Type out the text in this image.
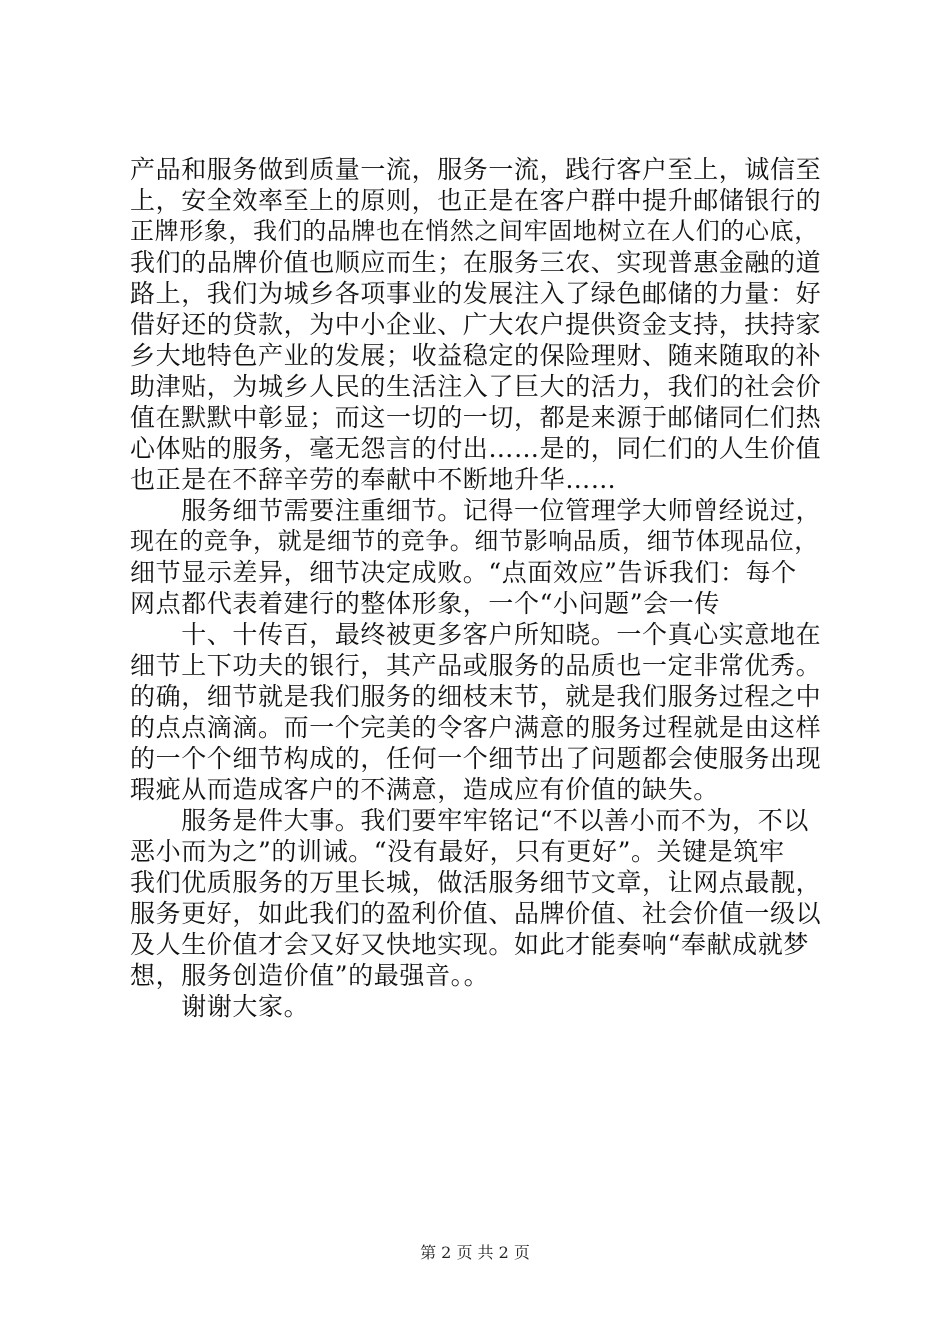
产品和服务做到质量一流，服务一流，践行客户至上，诚信至
上，安全效率至上的原则，也正是在客户群中提升邮储银行的
正牌形象，我们的品牌也在悄然之间牢固地树立在人们的心底，
我们的品牌价值也顺应而生；在服务三农、实现普惠金融的道
路上，我们为城乡各项事业的发展注入了绿色邮储的力量：好
借好还的贷款，为中小企业、广大农户提供资金支持，扶持家
乡大地特色产业的发展；收益稳定的保险理财、随来随取的补
助津贴，为城乡人民的生活注入了巨大的活力，我们的社会价
值在默默中彰显；而这一切的一切，都是来源于邮储同仁们热
心体贴的服务，毫无怨言的付出……是的，同仁们的人生价值
也正是在不辞辛劳的奉献中不断地升华……
　　服务细节需要注重细节。记得一位管理学大师曾经说过，
现在的竞争，就是细节的竞争。细节影响品质，细节体现品位，
细节显示差异，细节决定成败。“点面效应”告诉我们：每个
网点都代表着建行的整体形象，一个“小问题”会一传
　　十、十传百，最终被更多客户所知晓。一个真心实意地在
细节上下功夫的银行，其产品或服务的品质也一定非常优秀。
的确，细节就是我们服务的细枝末节，就是我们服务过程之中
的点点滴滴。而一个完美的令客户满意的服务过程就是由这样
的一个个细节构成的，任何一个细节出了问题都会使服务出现
瑕疵从而造成客户的不满意，造成应有价值的缺失。
　　服务是件大事。我们要牢牢铭记“不以善小而不为，不以
恶小而为之”的训诫。“没有最好，只有更好”。关键是筑牢
我们优质服务的万里长城，做活服务细节文章，让网点最靓，
服务更好，如此我们的盈利价值、品牌价值、社会价值一级以
及人生价值才会又好又快地实现。如此才能奏响“奉献成就梦
想，服务创造价值”的最强音。。
　　谢谢大家。
第 2 页 共 2 页
